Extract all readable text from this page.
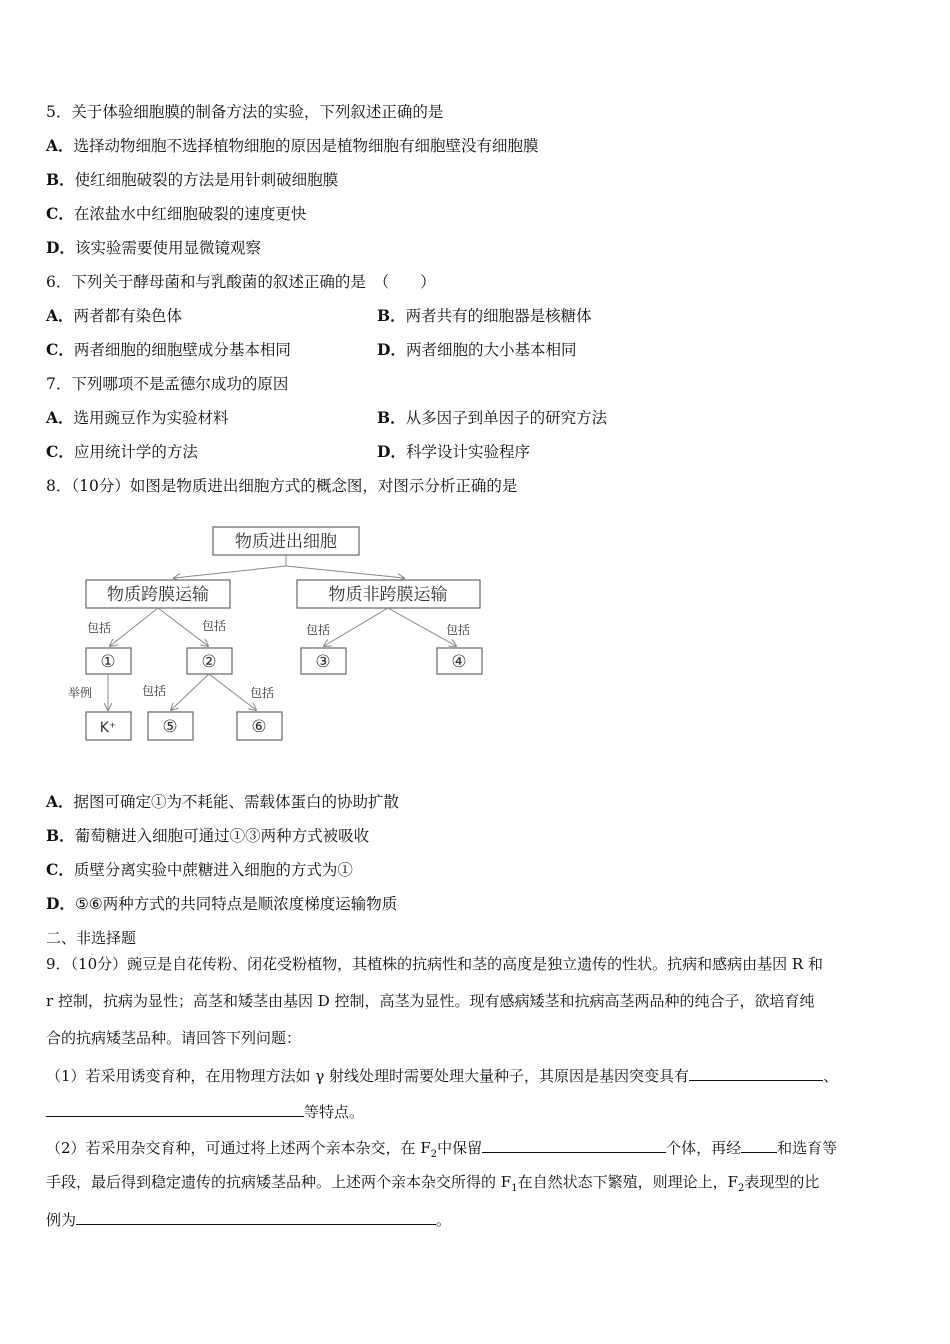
5．关于体验细胞膜的制备方法的实验，下列叙述正确的是
A．选择动物细胞不选择植物细胞的原因是植物细胞有细胞壁没有细胞膜
B．使红细胞破裂的方法是用针刺破细胞膜
C．在浓盐水中红细胞破裂的速度更快
D．该实验需要使用显微镜观察
6．下列关于酵母菌和与乳酸菌的叙述正确的是　（　　）
A．两者都有染色体	B．两者共有的细胞器是核糖体
C．两者细胞的细胞壁成分基本相同	D．两者细胞的大小基本相同
7．下列哪项不是孟德尔成功的原因
A．选用豌豆作为实验材料	B．从多因子到单因子的研究方法
C．应用统计学的方法	D．科学设计实验程序
8．（10分）如图是物质进出细胞方式的概念图，对图示分析正确的是
物质进出细胞
物质跨膜运输	物质非跨膜运输
包括	包括	包括	包括
①	②	③	④
举例	包括	包括
K⁺	⑤	⑥
A．据图可确定①为不耗能、需载体蛋白的协助扩散
B．葡萄糖进入细胞可通过①③两种方式被吸收
C．质壁分离实验中蔗糖进入细胞的方式为①
D．⑤⑥两种方式的共同特点是顺浓度梯度运输物质
二、非选择题
9．（10分）豌豆是自花传粉、闭花受粉植物，其植株的抗病性和茎的高度是独立遗传的性状。抗病和感病由基因 R 和
r 控制，抗病为显性；高茎和矮茎由基因 D 控制，高茎为显性。现有感病矮茎和抗病高茎两品种的纯合子，欲培育纯
合的抗病矮茎品种。请回答下列问题：
（1）若采用诱变育种，在用物理方法如 γ 射线处理时需要处理大量种子，其原因是基因突变具有	、
等特点。
（2）若采用杂交育种，可通过将上述两个亲本杂交，在 $F_2$中保留	个体，再经 和选育等
手段，最后得到稳定遗传的抗病矮茎品种。上述两个亲本杂交所得的 $F_1$在自然状态下繁殖，则理论上，$F_2$表现型的比
例为	。
